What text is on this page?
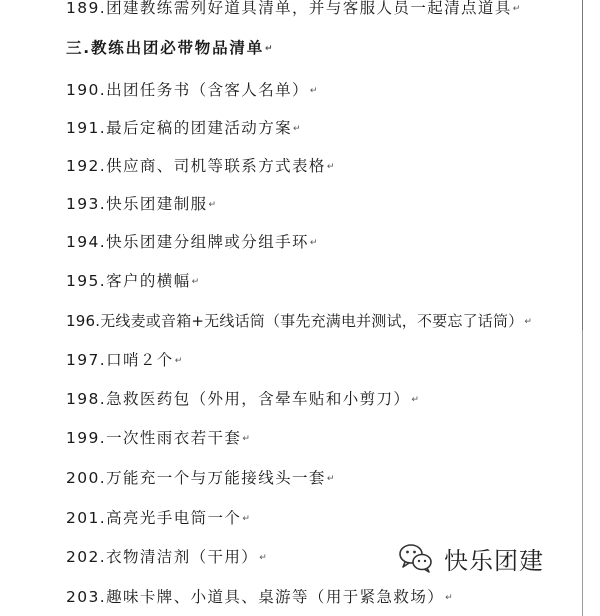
189.团建教练需列好道具清单，并与客服人员一起清点道具↵
三.教练出团必带物品清单↵
190.出团任务书（含客人名单）↵
191.最后定稿的团建活动方案↵
192.供应商、司机等联系方式表格↵
193.快乐团建制服↵
194.快乐团建分组牌或分组手环↵
195.客户的横幅↵
196.无线麦或音箱+无线话筒（事先充满电并测试，不要忘了话筒）↵
197.口哨２个↵
198.急救医药包（外用，含晕车贴和小剪刀）↵
199.一次性雨衣若干套↵
200.万能充一个与万能接线头一套↵
201.高亮光手电筒一个↵
202.衣物清洁剂（干用）↵
203.趣味卡牌、小道具、桌游等（用于紧急救场）↵
快乐团建
